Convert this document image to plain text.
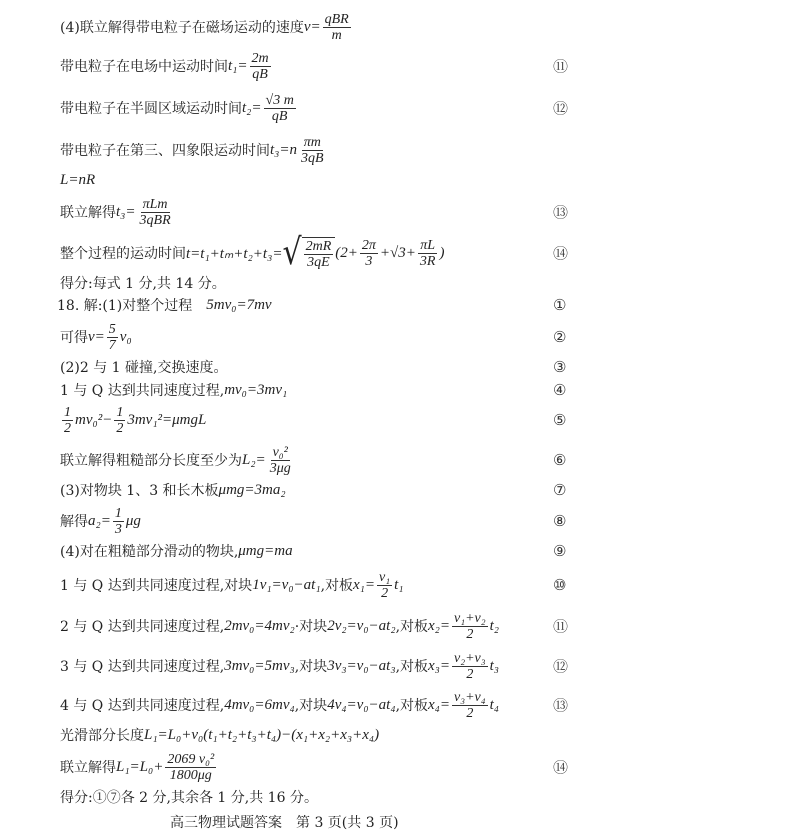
(4)联立解得带电粒子在磁场运动的速度 $v= \frac{\text{qBR}}{m}$
带电粒子在电场中运动时间 $t_1= \frac{2m}{qB}$	⑪
带电粒子在半圆区域运动时间 $t_2= \frac{√3 m}{qB}$	⑫
带电粒子在第三、四象限运动时间 $t_3=n \frac{\pi m}{3qB}$
L=nR
联立解得 $t_3= \frac{\text{πLm}}{\text{3qBR}}$	⑬
整个过程的运动时间 t=t₁+tₘ+t₂+t₃= √ $\frac{2mR}{3qE} (2+ \frac{2\pi}{3} +√3+ \frac{\pi L}{3R}$ )	⑭
得分:每式 1 分,共 14 分。
18. 解:(1)对整个过程　 5mv₀=7mv	①
可得 $v= \frac{5}{7} v_0$	②
(2)2 与 1 碰撞,交换速度。	③
1 与 Q 达到共同速度过程, mv₀=3mv₁	④
$\frac{1}{2} mv_0^2- \frac{1}{2} 3mv_1^2=\mu mgL$	⑤
联立解得粗糙部分长度至少为 $L_2= \frac{\text{v₀²}}{3\mu g}$	⑥
(3)对物块 1、3 和长木板 μmg=3ma₂	⑦
解得 $a_2= \frac{1}{3}$ μg	⑧
(4)对在粗糙部分滑动的物块, μmg=ma	⑨
1 与 Q 达到共同速度过程,对块 1v₁=v₀−at₁ ,对板 $x_1= \frac{\text{v₁}}{2} t_1$	⑩
2 与 Q 达到共同速度过程, 2mv₀=4mv₂ ·对块 2v₂=v₀−at₂ ,对板 $x_2= \frac{\text{v₁+v₂}}{2} t_2$	⑪
3 与 Q 达到共同速度过程, 3mv₀=5mv₃ ,对块 3v₃=v₀−at₃ ,对板 $x_3= \frac{\text{v₂+v₃}}{2} t_3$	⑫
4 与 Q 达到共同速度过程, 4mv₀=6mv₄ ,对块 4v₄=v₀−at₄ ,对板 $x_4= \frac{\text{v₃+v₄}}{2} t_4$	⑬
光滑部分长度 L₁=L₀+v₀(t₁+t₂+t₃+t₄)−(x₁+x₂+x₃+x₄)
联立解得 $L_1=L_0+ \frac{\text{2069 v₀²}}{1800\mu g}$	⑭
得分:①⑦各 2 分,其余各 1 分,共 16 分。
高三物理试题答案　第 3 页(共 3 页)
